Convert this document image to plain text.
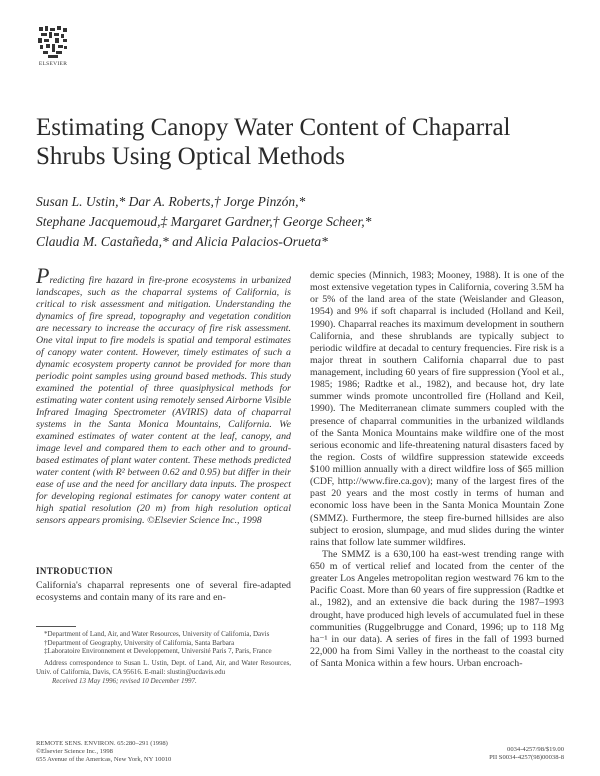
ELSEVIER
Estimating Canopy Water Content of Chaparral Shrubs Using Optical Methods
Susan L. Ustin,* Dar A. Roberts,† Jorge Pinzón,*
Stephane Jacquemoud,‡ Margaret Gardner,† George Scheer,*
Claudia M. Castañeda,* and Alicia Palacios-Orueta*
Predicting fire hazard in fire-prone ecosystems in urbanized landscapes, such as the chaparral systems of California, is critical to risk assessment and mitigation. Understanding the dynamics of fire spread, topography and vegetation condition are necessary to increase the accuracy of fire risk assessment. One vital input to fire models is spatial and temporal estimates of canopy water content. However, timely estimates of such a dynamic ecosystem property cannot be provided for more than periodic point samples using ground based methods. This study examined the potential of three quasiphysical methods for estimating water content using remotely sensed Airborne Visible Infrared Imaging Spectrometer (AVIRIS) data of chaparral systems in the Santa Monica Mountains, California. We examined estimates of water content at the leaf, canopy, and image level and compared them to each other and to ground-based estimates of plant water content. These methods predicted water content (with R² between 0.62 and 0.95) but differ in their ease of use and the need for ancillary data inputs. The prospect for developing regional estimates for canopy water content at high spatial resolution (20 m) from high resolution optical sensors appears promising. ©Elsevier Science Inc., 1998
INTRODUCTION
California's chaparral represents one of several fire-adapted ecosystems and contain many of its rare and en-

*Department of Land, Air, and Water Resources, University of California, Davis

†Department of Geography, University of California, Santa Barbara

‡Laboratoire Environnement et Developpement, Université Paris 7, Paris, France

Address correspondence to Susan L. Ustin, Dept. of Land, Air, and Water Resources, Univ. of California, Davis, CA 95616. E-mail: slustin@ucdavis.edu

Received 13 May 1996; revised 10 December 1997.

demic species (Minnich, 1983; Mooney, 1988). It is one of the most extensive vegetation types in California, covering 3.5M ha or 5% of the land area of the state (Weislander and Gleason, 1954) and 9% if soft chaparral is included (Holland and Keil, 1990). Chaparral reaches its maximum development in southern California, and these shrublands are typically subject to periodic wildfire at decadal to century frequencies. Fire risk is a major threat in southern California chaparral due to past management, including 60 years of fire suppression (Yool et al., 1985; 1986; Radtke et al., 1982), and because hot, dry late summer winds promote uncontrolled fire (Holland and Keil, 1990). The Mediterranean climate summers coupled with the presence of chaparral communities in the urbanized wildlands of the Santa Monica Mountains make wildfire one of the most serious economic and life-threatening natural disasters faced by the region. Costs of wildfire suppression statewide exceeds $100 million annually with a direct wildfire loss of $65 million (CDF, http://www.fire.ca.gov); many of the largest fires of the past 20 years and the most costly in terms of human and economic loss have been in the Santa Monica Mountain Zone (SMMZ). Furthermore, the steep fire-burned hillsides are also subject to erosion, slumpage, and mud slides during the winter rains that follow late summer wildfires.

The SMMZ is a 630,100 ha east-west trending range with 650 m of vertical relief and located from the center of the greater Los Angeles metropolitan region westward 76 km to the Pacific Coast. More than 60 years of fire suppression (Radtke et al., 1982), and an extensive die back during the 1987–1993 drought, have produced high levels of accumulated fuel in these communities (Ruggelbrugge and Conard, 1996; up to 118 Mg ha⁻¹ in our data). A series of fires in the fall of 1993 burned 22,000 ha from Simi Valley in the northeast to the coastal city of Santa Monica within a few hours. Urban encroach-

REMOTE SENS. ENVIRON. 65:280–291 (1998)
©Elsevier Science Inc., 1998
655 Avenue of the Americas, New York, NY 10010
0034-4257/98/$19.00
PII S0034-4257(98)00038-8
